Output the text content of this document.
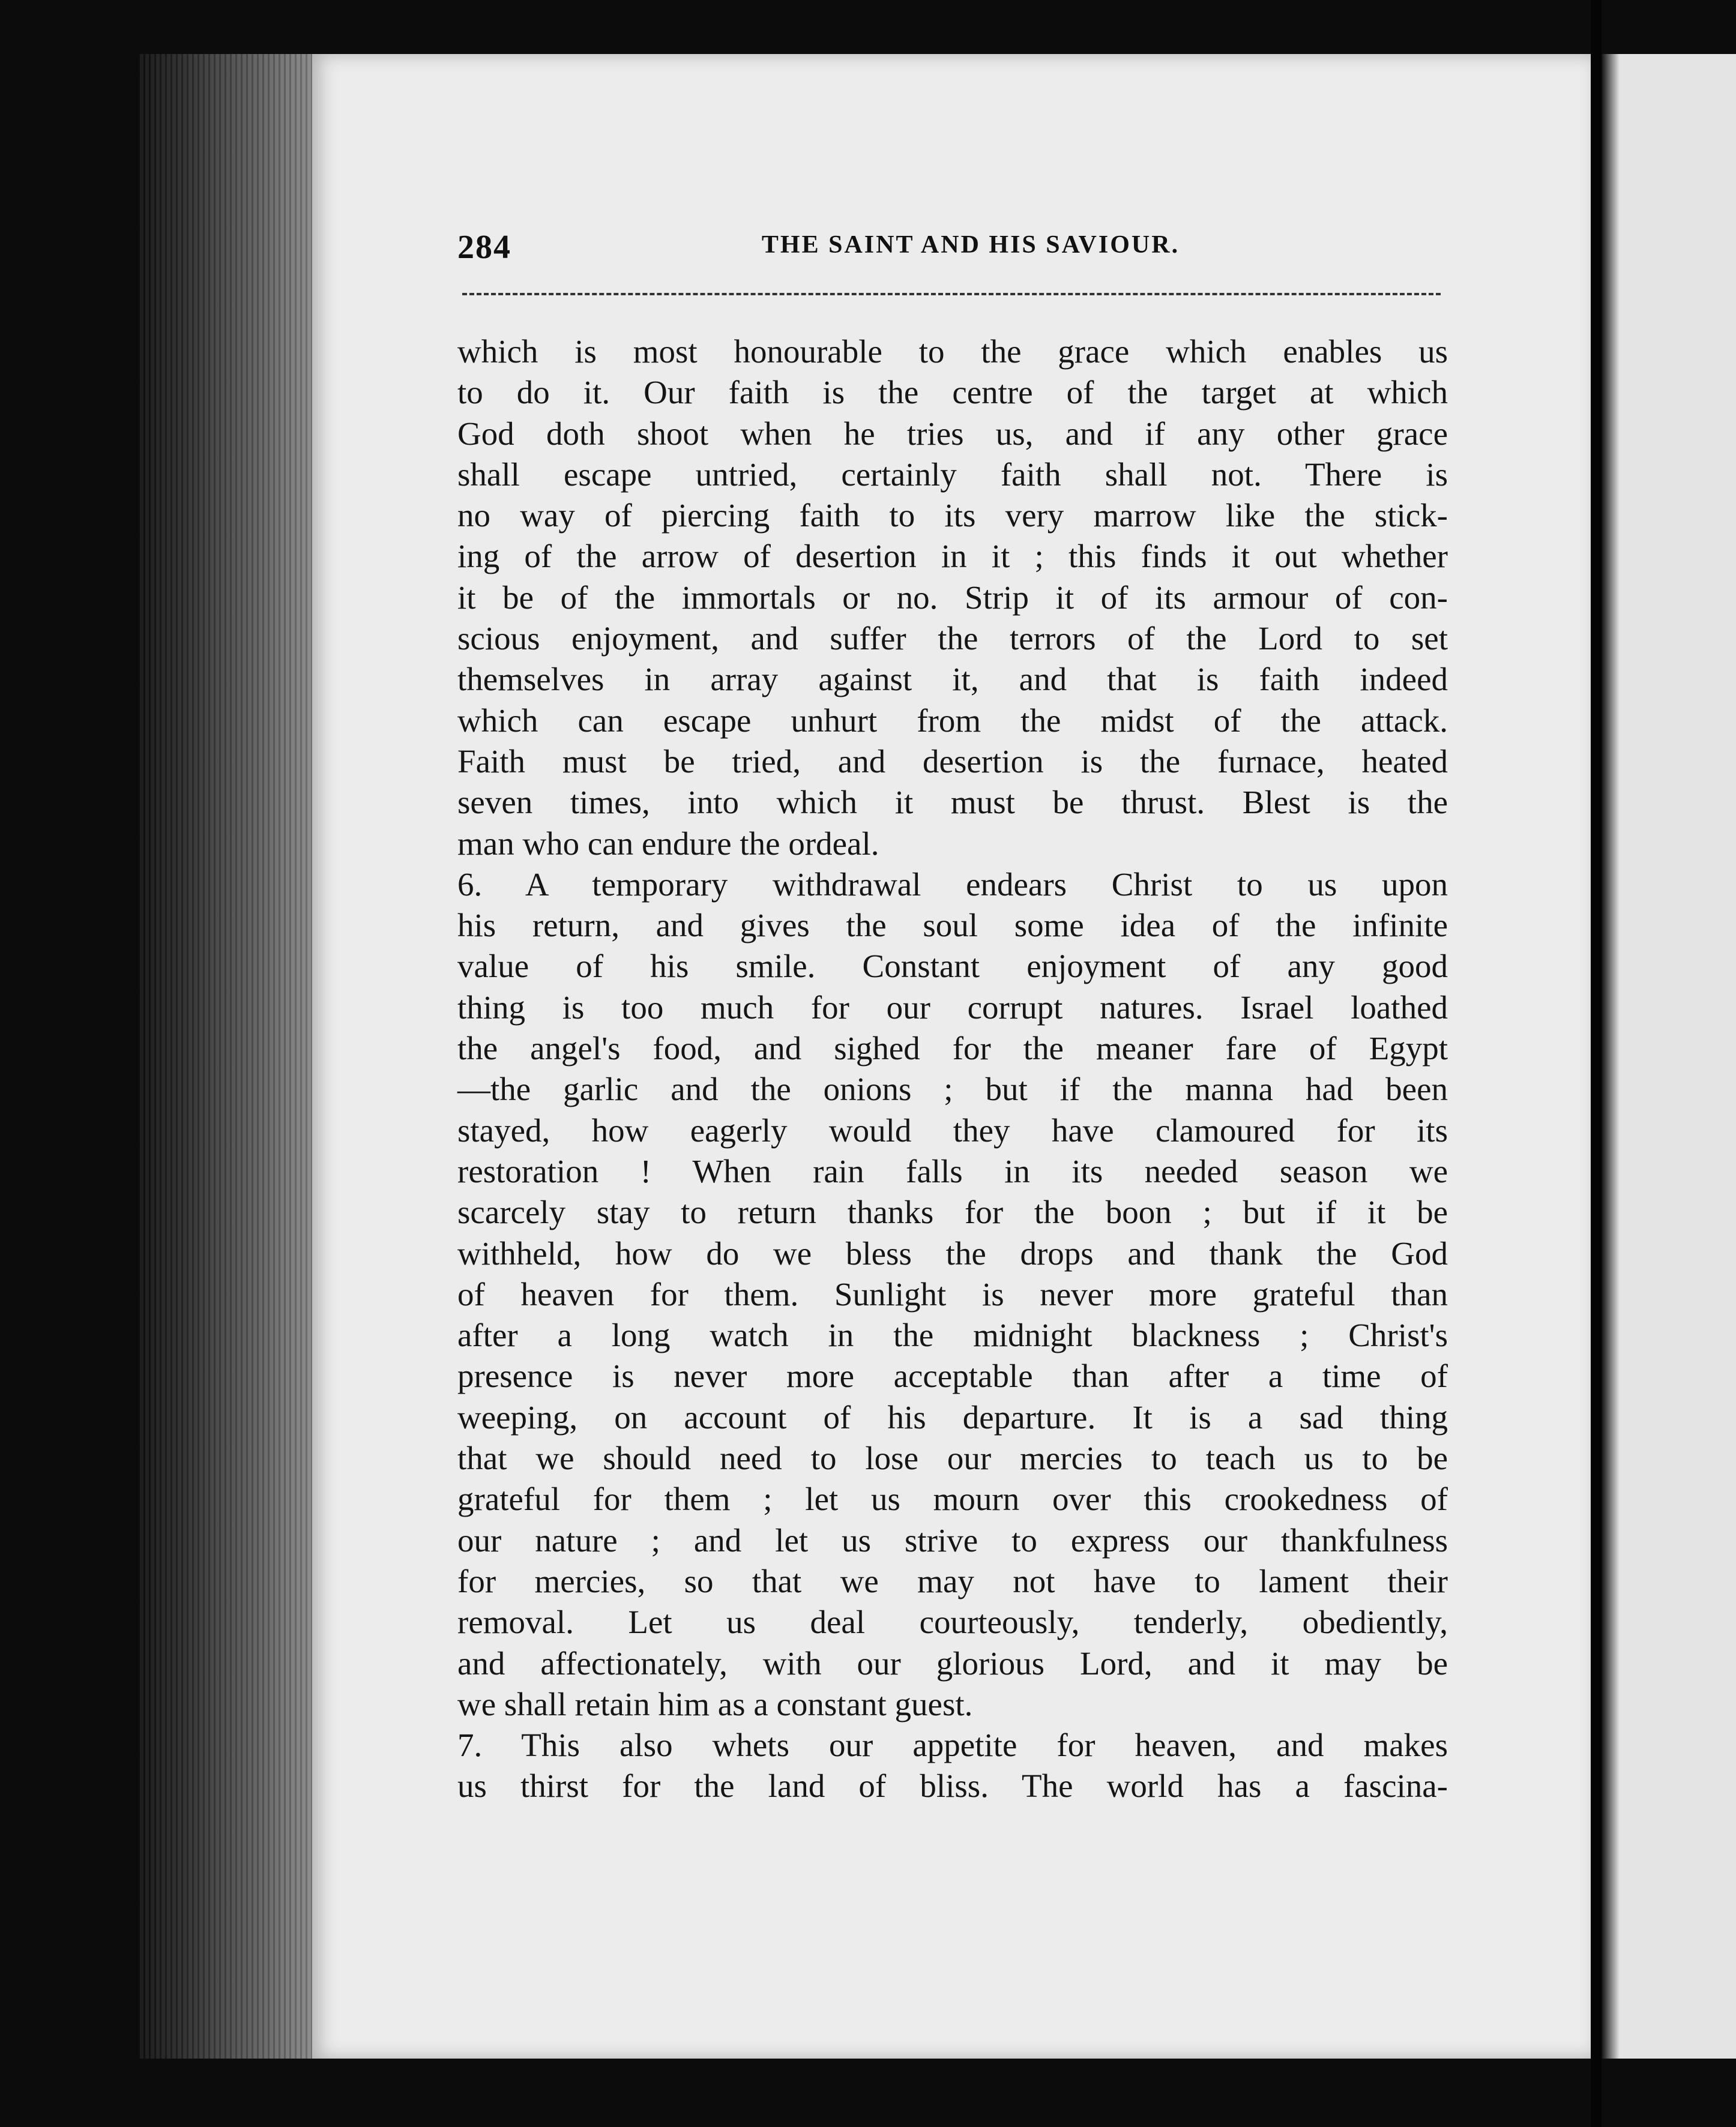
284	THE SAINT AND HIS SAVIOUR.
which is most honourable to the grace which enables us
to do it. Our faith is the centre of the target at which
God doth shoot when he tries us, and if any other grace
shall escape untried, certainly faith shall not. There is
no way of piercing faith to its very marrow like the stick-
ing of the arrow of desertion in it ; this finds it out whether
it be of the immortals or no. Strip it of its armour of con-
scious enjoyment, and suffer the terrors of the Lord to set
themselves in array against it, and that is faith indeed
which can escape unhurt from the midst of the attack.
Faith must be tried, and desertion is the furnace, heated
seven times, into which it must be thrust. Blest is the
man who can endure the ordeal.
6. A temporary withdrawal endears Christ to us upon
his return, and gives the soul some idea of the infinite
value of his smile. Constant enjoyment of any good
thing is too much for our corrupt natures. Israel loathed
the angel's food, and sighed for the meaner fare of Egypt
—the garlic and the onions ; but if the manna had been
stayed, how eagerly would they have clamoured for its
restoration ! When rain falls in its needed season we
scarcely stay to return thanks for the boon ; but if it be
withheld, how do we bless the drops and thank the God
of heaven for them. Sunlight is never more grateful than
after a long watch in the midnight blackness ; Christ's
presence is never more acceptable than after a time of
weeping, on account of his departure. It is a sad thing
that we should need to lose our mercies to teach us to be
grateful for them ; let us mourn over this crookedness of
our nature ; and let us strive to express our thankfulness
for mercies, so that we may not have to lament their
removal. Let us deal courteously, tenderly, obediently,
and affectionately, with our glorious Lord, and it may be
we shall retain him as a constant guest.
7. This also whets our appetite for heaven, and makes
us thirst for the land of bliss. The world has a fascina-
